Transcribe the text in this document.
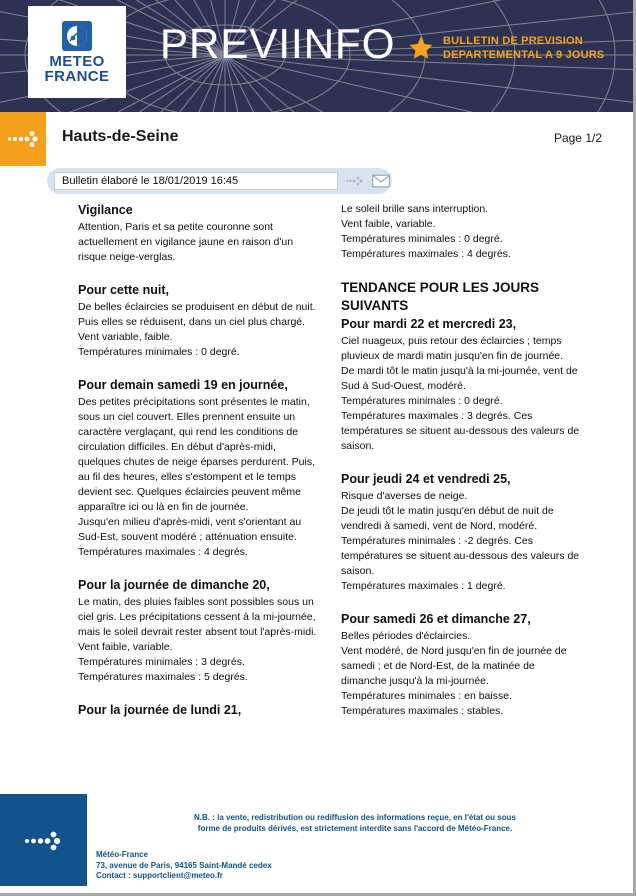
METEO
FRANCE
PREVIINFO	BULLETIN DE PREVISION
DEPARTEMENTAL A 9 JOURS
Hauts-de-Seine	Page 1/2
Bulletin élaboré le 18/01/2019 16:45
Vigilance
Attention, Paris et sa petite couronne sont
actuellement en vigilance jaune en raison d'un
risque neige-verglas.
Pour cette nuit,
De belles éclaircies se produisent en début de nuit.
Puis elles se réduisent, dans un ciel plus chargé.
Vent variable, faible.
Températures minimales : 0 degré.
Pour demain samedi 19 en journée,
Des petites précipitations sont présentes le matin,
sous un ciel couvert. Elles prennent ensuite un
caractère verglaçant, qui rend les conditions de
circulation difficiles. En début d'après-midi,
quelques chutes de neige éparses perdurent. Puis,
au fil des heures, elles s'estompent et le temps
devient sec. Quelques éclaircies peuvent même
apparaître ici ou là en fin de journée.
Jusqu'en milieu d'après-midi, vent s'orientant au
Sud-Est, souvent modéré ; atténuation ensuite.
Températures maximales : 4 degrés.
Pour la journée de dimanche 20,
Le matin, des pluies faibles sont possibles sous un
ciel gris. Les précipitations cessent à la mi-journée,
mais le soleil devrait rester absent tout l'après-midi.
Vent faible, variable.
Températures minimales : 3 degrés.
Températures maximales : 5 degrés.
Pour la journée de lundi 21,
Le soleil brille sans interruption.
Vent faible, variable.
Températures minimales : 0 degré.
Températures maximales : 4 degrés.
TENDANCE POUR LES JOURS
SUIVANTS
Pour mardi 22 et mercredi 23,
Ciel nuageux, puis retour des éclaircies ; temps
pluvieux de mardi matin jusqu'en fin de journée.
De mardi tôt le matin jusqu'à la mi-journée, vent de
Sud à Sud-Ouest, modéré.
Températures minimales : 0 degré.
Températures maximales : 3 degrés. Ces
températures se situent au-dessous des valeurs de
saison.
Pour jeudi 24 et vendredi 25,
Risque d'averses de neige.
De jeudi tôt le matin jusqu'en début de nuit de
vendredi à samedi, vent de Nord, modéré.
Températures minimales : -2 degrés. Ces
températures se situent au-dessous des valeurs de
saison.
Températures maximales : 1 degré.
Pour samedi 26 et dimanche 27,
Belles périodes d'éclaircies.
Vent modéré, de Nord jusqu'en fin de journée de
samedi ; et de Nord-Est, de la matinée de
dimanche jusqu'à la mi-journée.
Températures minimales : en baisse.
Températures maximales : stables.
N.B. : la vente, redistribution ou rediffusion des informations reçue, en l'état ou sous
forme de produits dérivés, est strictement interdite sans l'accord de Météo-France.
Météo-France
73, avenue de Paris, 94165 Saint-Mandé cedex
Contact : supportclient@meteo.fr
